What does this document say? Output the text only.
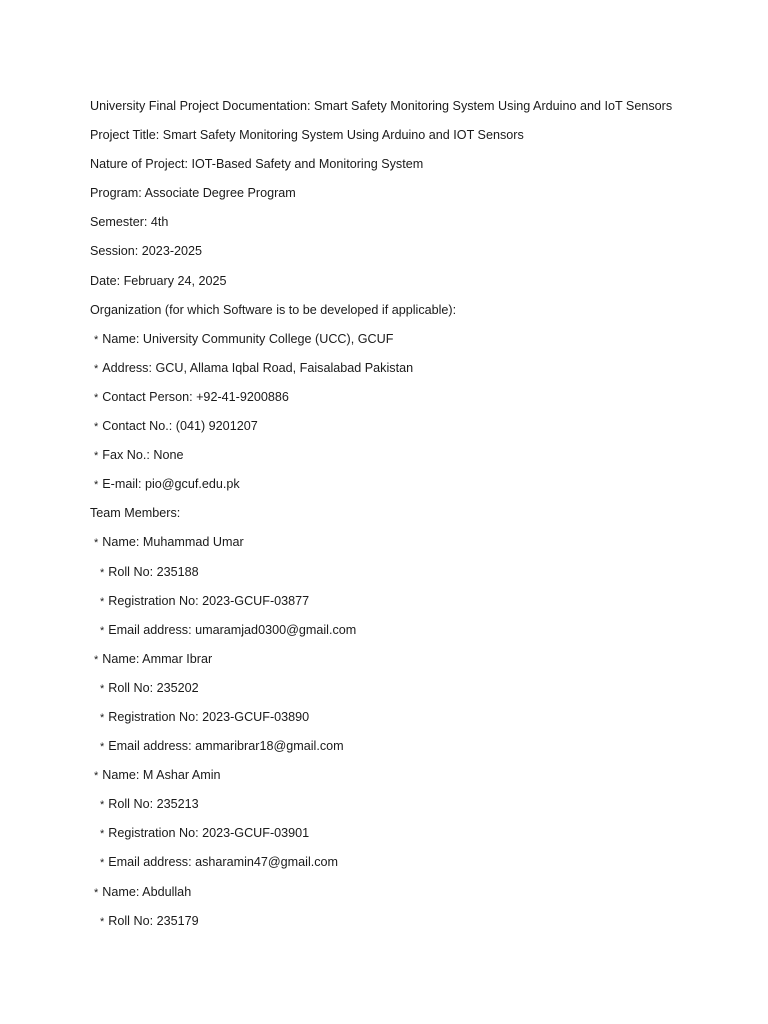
University Final Project Documentation: Smart Safety Monitoring System Using Arduino and IoT Sensors
Project Title: Smart Safety Monitoring System Using Arduino and IOT Sensors
Nature of Project: IOT-Based Safety and Monitoring System
Program: Associate Degree Program
Semester: 4th
Session: 2023-2025
Date: February 24, 2025
Organization (for which Software is to be developed if applicable):
* Name: University Community College (UCC), GCUF
* Address: GCU, Allama Iqbal Road, Faisalabad Pakistan
* Contact Person: +92-41-9200886
* Contact No.: (041) 9201207
* Fax No.: None
* E-mail: pio@gcuf.edu.pk
Team Members:
* Name: Muhammad Umar
* Roll No: 235188
* Registration No: 2023-GCUF-03877
* Email address: umaramjad0300@gmail.com
* Name: Ammar Ibrar
* Roll No: 235202
* Registration No: 2023-GCUF-03890
* Email address: ammaribrar18@gmail.com
* Name: M Ashar Amin
* Roll No: 235213
* Registration No: 2023-GCUF-03901
* Email address: asharamin47@gmail.com
* Name: Abdullah
* Roll No: 235179
